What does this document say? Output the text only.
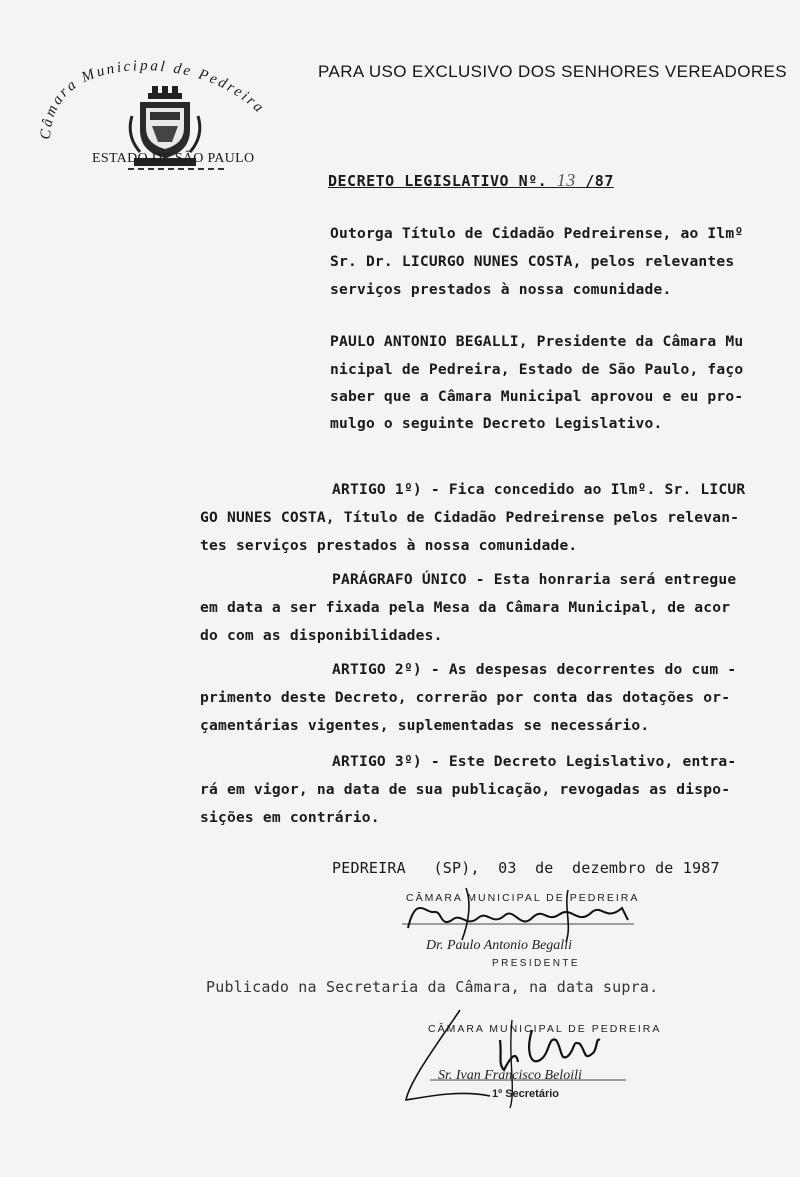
PARA USO EXCLUSIVO DOS SENHORES VEREADORES
Câmara Municipal de Pedreira
ESTADO DE SÃO PAULO
DECRETO LEGISLATIVO Nº. 13 /87
Outorga Título de Cidadão Pedreirense, ao Ilmº
Sr. Dr. LICURGO NUNES COSTA, pelos relevantes
serviços prestados à nossa comunidade.
PAULO ANTONIO BEGALLI, Presidente da Câmara Mu
nicipal de Pedreira, Estado de São Paulo, faço
saber que a Câmara Municipal aprovou e eu pro-
mulgo o seguinte Decreto Legislativo.
ARTIGO 1º) - Fica concedido ao Ilmº. Sr. LICUR
GO NUNES COSTA, Título de Cidadão Pedreirense pelos relevan-
tes serviços prestados à nossa comunidade.
PARÁGRAFO ÚNICO - Esta honraria será entregue
em data a ser fixada pela Mesa da Câmara Municipal, de acor
do com as disponibilidades.
ARTIGO 2º) - As despesas decorrentes do cum -
primento deste Decreto, correrão por conta das dotações or-
çamentárias vigentes, suplementadas se necessário.
ARTIGO 3º) - Este Decreto Legislativo, entra-
rá em vigor, na data de sua publicação, revogadas as dispo-
sições em contrário.
PEDREIRA   (SP),  03  de  dezembro de 1987
CÂMARA MUNICIPAL DE PEDREIRA
Dr. Paulo Antonio Begalli
PRESIDENTE
Publicado na Secretaria da Câmara, na data supra.
CÂMARA MUNICIPAL DE PEDREIRA
Sr. Ivan Francisco Beloili
1º Secretário
